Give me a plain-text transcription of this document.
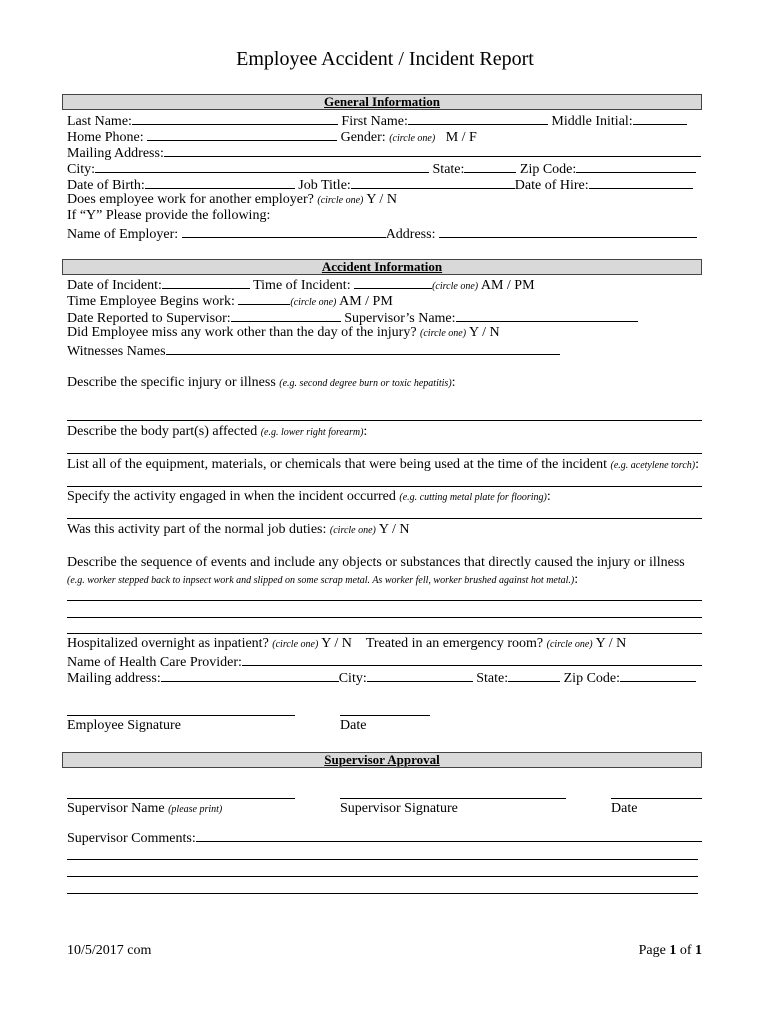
Employee Accident / Incident Report
General Information
Last Name:	First Name:	Middle Initial:
Home Phone:	Gender: (circle one) M / F
Mailing Address:
City:	State:	Zip Code:
Date of Birth:	Job Title:	Date of Hire:
Does employee work for another employer? (circle one) Y / N
If “Y” Please provide the following:
Name of Employer:	Address:
Accident Information
Date of Incident:	Time of Incident:	(circle one) AM / PM
Time Employee Begins work:	(circle one) AM / PM
Date Reported to Supervisor:	Supervisor’s Name:
Did Employee miss any work other than the day of the injury? (circle one) Y / N
Witnesses Names
Describe the specific injury or illness (e.g. second degree burn or toxic hepatitis):
Describe the body part(s) affected (e.g. lower right forearm):
List all of the equipment, materials, or chemicals that were being used at the time of the incident (e.g. acetylene torch):
Specify the activity engaged in when the incident occurred (e.g. cutting metal plate for flooring):
Was this activity part of the normal job duties: (circle one) Y / N
Describe the sequence of events and include any objects or substances that directly caused the injury or illness
(e.g. worker stepped back to inpsect work and slipped on some scrap metal. As worker fell, worker brushed against hot metal.):
Hospitalized overnight as inpatient? (circle one) Y / N Treated in an emergency room? (circle one) Y / N
Name of Health Care Provider:
Mailing address:	City:	State:	Zip Code:
Employee Signature	Date
Supervisor Approval
Supervisor Name (please print)	Supervisor Signature	Date
Supervisor Comments:
10/5/2017 com	Page 1 of 1
